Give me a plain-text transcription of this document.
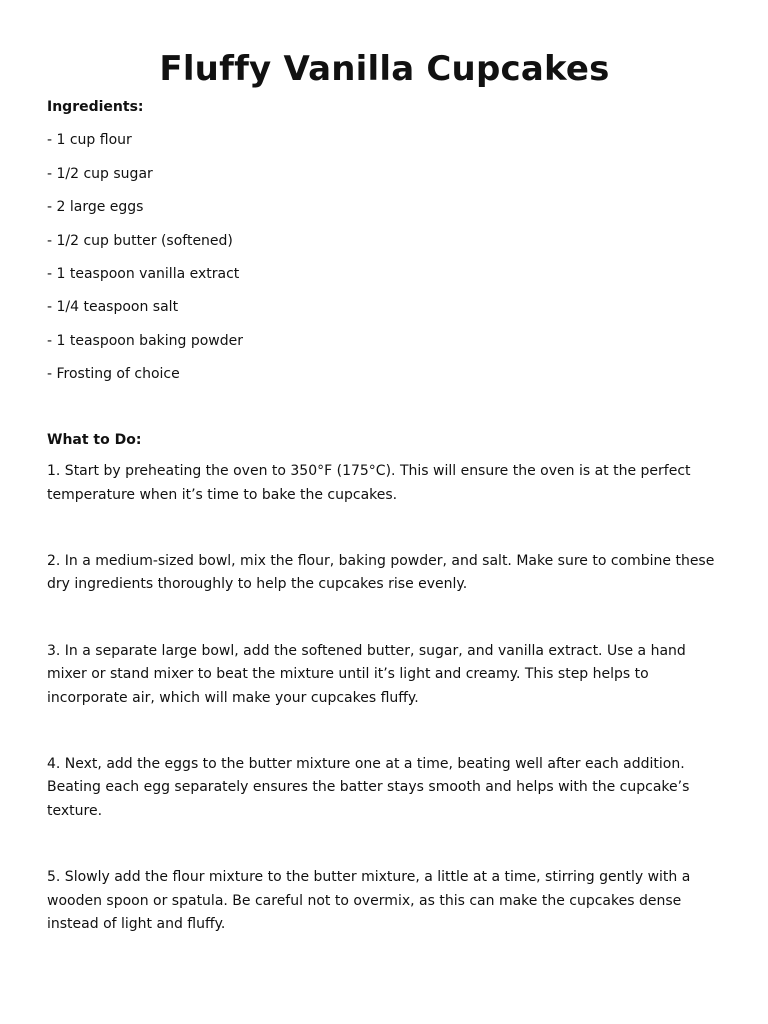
Fluffy Vanilla Cupcakes
Ingredients:
- 1 cup flour
- 1/2 cup sugar
- 2 large eggs
- 1/2 cup butter (softened)
- 1 teaspoon vanilla extract
- 1/4 teaspoon salt
- 1 teaspoon baking powder
- Frosting of choice
What to Do:

1. Start by preheating the oven to 350°F (175°C). This will ensure the oven is at the perfect temperature when it’s time to bake the cupcakes.

2. In a medium-sized bowl, mix the flour, baking powder, and salt. Make sure to combine these dry ingredients thoroughly to help the cupcakes rise evenly.

3. In a separate large bowl, add the softened butter, sugar, and vanilla extract. Use a hand mixer or stand mixer to beat the mixture until it’s light and creamy. This step helps to incorporate air, which will make your cupcakes fluffy.

4. Next, add the eggs to the butter mixture one at a time, beating well after each addition. Beating each egg separately ensures the batter stays smooth and helps with the cupcake’s texture.

5. Slowly add the flour mixture to the butter mixture, a little at a time, stirring gently with a wooden spoon or spatula. Be careful not to overmix, as this can make the cupcakes dense instead of light and fluffy.
